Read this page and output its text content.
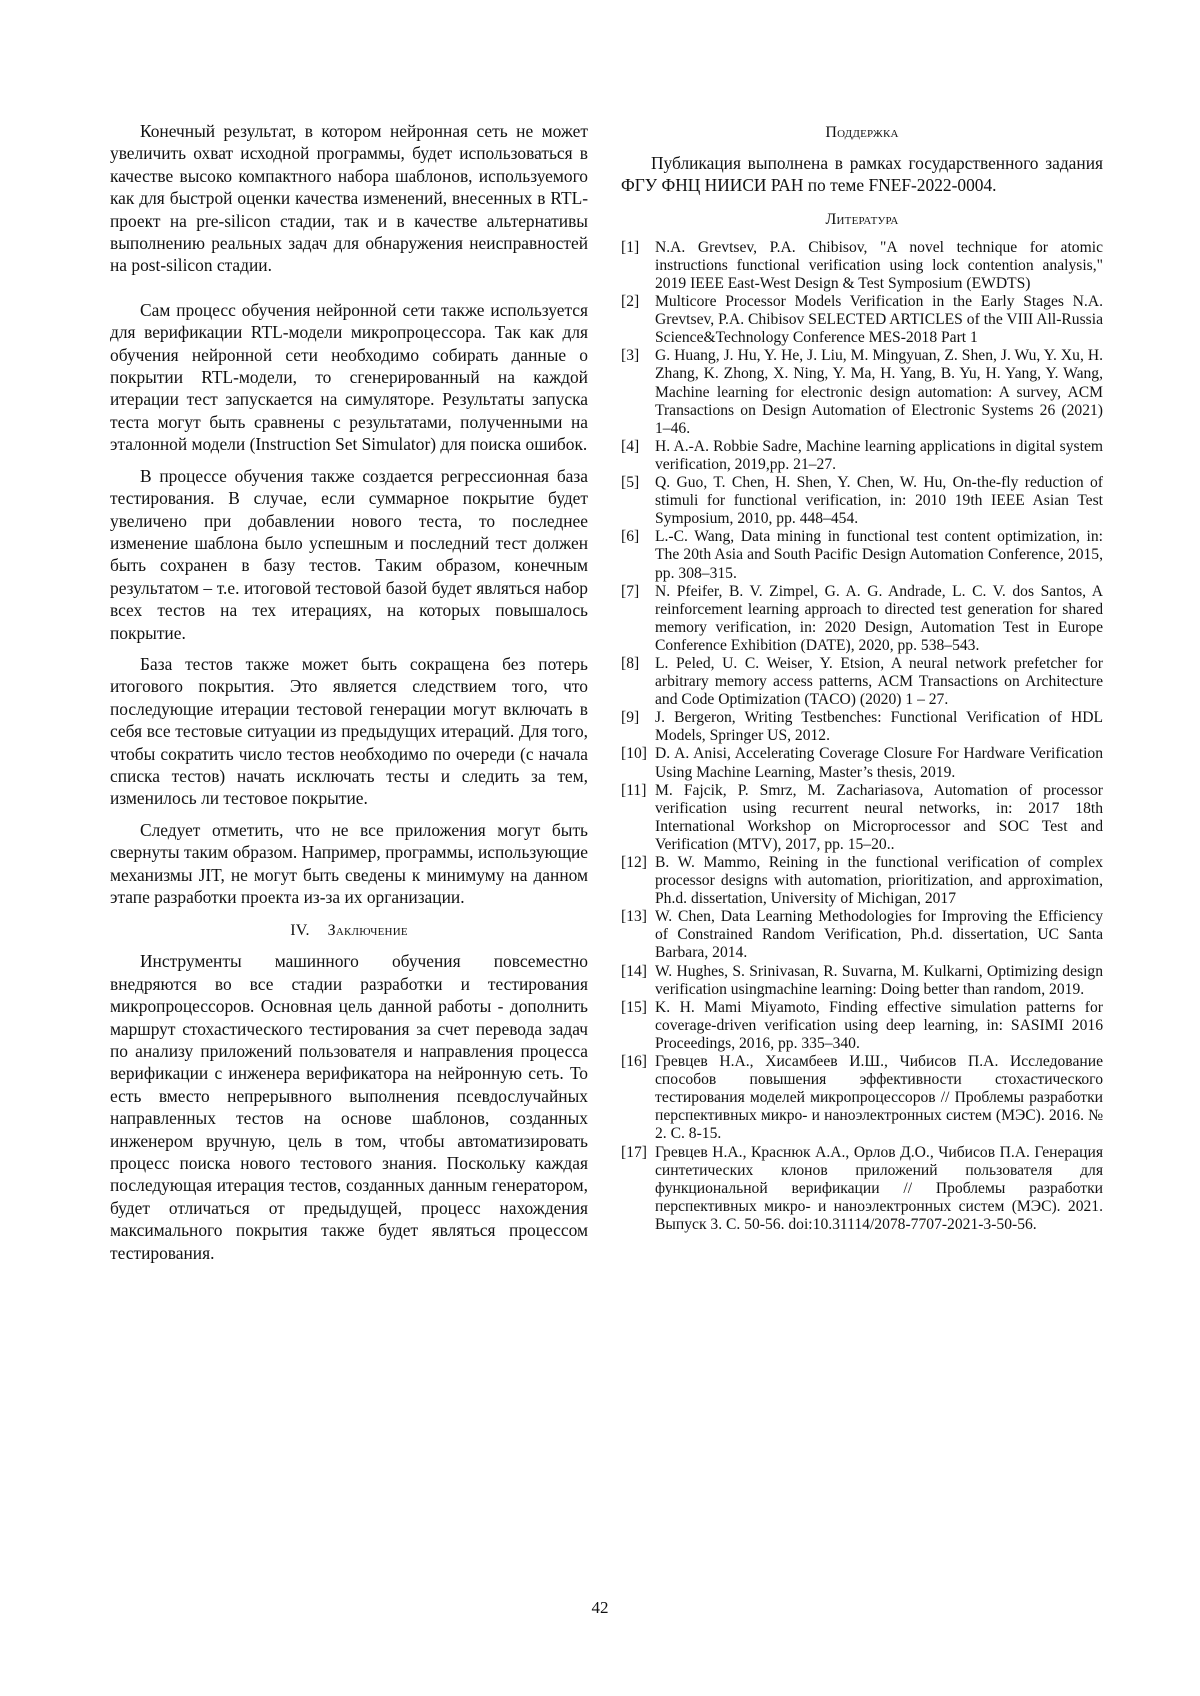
Конечный результат, в котором нейронная сеть не может увеличить охват исходной программы, будет использоваться в качестве высоко компактного набора шаблонов, используемого как для быстрой оценки качества изменений, внесенных в RTL-проект на pre-silicon стадии, так и в качестве альтернативы выполнению реальных задач для обнаружения неисправностей на post-silicon стадии.

Сам процесс обучения нейронной сети также используется для верификации RTL-модели микропроцессора. Так как для обучения нейронной сети необходимо собирать данные о покрытии RTL-модели, то сгенерированный на каждой итерации тест запускается на симуляторе. Результаты запуска теста могут быть сравнены с результатами, полученными на эталонной модели (Instruction Set Simulator) для поиска ошибок.

В процессе обучения также создается регрессионная база тестирования. В случае, если суммарное покрытие будет увеличено при добавлении нового теста, то последнее изменение шаблона было успешным и последний тест должен быть сохранен в базу тестов. Таким образом, конечным результатом – т.е. итоговой тестовой базой будет являться набор всех тестов на тех итерациях, на которых повышалось покрытие.

База тестов также может быть сокращена без потерь итогового покрытия. Это является следствием того, что последующие итерации тестовой генерации могут включать в себя все тестовые ситуации из предыдущих итераций. Для того, чтобы сократить число тестов необходимо по очереди (с начала списка тестов) начать исключать тесты и следить за тем, изменилось ли тестовое покрытие.

Следует отметить, что не все приложения могут быть свернуты таким образом. Например, программы, использующие механизмы JIT, не могут быть сведены к минимуму на данном этапе разработки проекта из-за их организации.

IV. Заключение

Инструменты машинного обучения повсеместно внедряются во все стадии разработки и тестирования микропроцессоров. Основная цель данной работы - дополнить маршрут стохастического тестирования за счет перевода задач по анализу приложений пользователя и направления процесса верификации с инженера верификатора на нейронную сеть. То есть вместо непрерывного выполнения псевдослучайных направленных тестов на основе шаблонов, созданных инженером вручную, цель в том, чтобы автоматизировать процесс поиска нового тестового знания. Поскольку каждая последующая итерация тестов, созданных данным генератором, будет отличаться от предыдущей, процесс нахождения максимального покрытия также будет являться процессом тестирования.

Поддержка

Публикация выполнена в рамках государственного задания ФГУ ФНЦ НИИСИ РАН по теме FNEF-2022-0004.

Литература
[1]	N.A. Grevtsev, P.A. Chibisov, "A novel technique for atomic instructions functional verification using lock contention analysis," 2019 IEEE East-West Design & Test Symposium (EWDTS)
[2]	Multicore Processor Models Verification in the Early Stages N.A. Grevtsev, P.A. Chibisov SELECTED ARTICLES of the VIII All-Russia Science&Technology Conference MES-2018 Part 1
[3]	G. Huang, J. Hu, Y. He, J. Liu, M. Mingyuan, Z. Shen, J. Wu, Y. Xu, H. Zhang, K. Zhong, X. Ning, Y. Ma, H. Yang, B. Yu, H. Yang, Y. Wang, Machine learning for electronic design automation: A survey, ACM Transactions on Design Automation of Electronic Systems 26 (2021) 1–46.
[4]	H. A.-A. Robbie Sadre, Machine learning applications in digital system verification, 2019,pp. 21–27.
[5]	Q. Guo, T. Chen, H. Shen, Y. Chen, W. Hu, On-the-fly reduction of stimuli for functional verification, in: 2010 19th IEEE Asian Test Symposium, 2010, pp. 448–454.
[6]	L.-C. Wang, Data mining in functional test content optimization, in: The 20th Asia and South Pacific Design Automation Conference, 2015, pp. 308–315.
[7]	N. Pfeifer, B. V. Zimpel, G. A. G. Andrade, L. C. V. dos Santos, A reinforcement learning approach to directed test generation for shared memory verification, in: 2020 Design, Automation Test in Europe Conference Exhibition (DATE), 2020, pp. 538–543.
[8]	L. Peled, U. C. Weiser, Y. Etsion, A neural network prefetcher for arbitrary memory access patterns, ACM Transactions on Architecture and Code Optimization (TACO) (2020) 1 – 27.
[9]	J. Bergeron, Writing Testbenches: Functional Verification of HDL Models, Springer US, 2012.
[10] D. A. Anisi, Accelerating Coverage Closure For Hardware Verification Using Machine Learning, Master’s thesis, 2019.
[11] M. Fajcik, P. Smrz, M. Zachariasova, Automation of processor verification using recurrent neural networks, in: 2017 18th International Workshop on Microprocessor and SOC Test and Verification (MTV), 2017, pp. 15–20..
[12] B. W. Mammo, Reining in the functional verification of complex processor designs with automation, prioritization, and approximation, Ph.d. dissertation, University of Michigan, 2017
[13] W. Chen, Data Learning Methodologies for Improving the Efficiency of Constrained Random Verification, Ph.d. dissertation, UC Santa Barbara, 2014.
[14] W. Hughes, S. Srinivasan, R. Suvarna, M. Kulkarni, Optimizing design verification usingmachine learning: Doing better than random, 2019.
[15] K. H. Mami Miyamoto, Finding effective simulation patterns for coverage-driven verification using deep learning, in: SASIMI 2016 Proceedings, 2016, pp. 335–340.
[16] Гревцев Н.А., Хисамбеев И.Ш., Чибисов П.А. Исследование способов повышения эффективности стохастического тестирования моделей микропроцессоров // Проблемы разработки перспективных микро- и наноэлектронных систем (МЭС). 2016. № 2. С. 8-15.
[17] Гревцев Н.А., Краснюк А.А., Орлов Д.О., Чибисов П.А. Генерация синтетических клонов приложений пользователя для функциональной верификации // Проблемы разработки перспективных микро- и наноэлектронных систем (МЭС). 2021. Выпуск 3. С. 50-56. doi:10.31114/2078-7707-2021-3-50-56.
42
